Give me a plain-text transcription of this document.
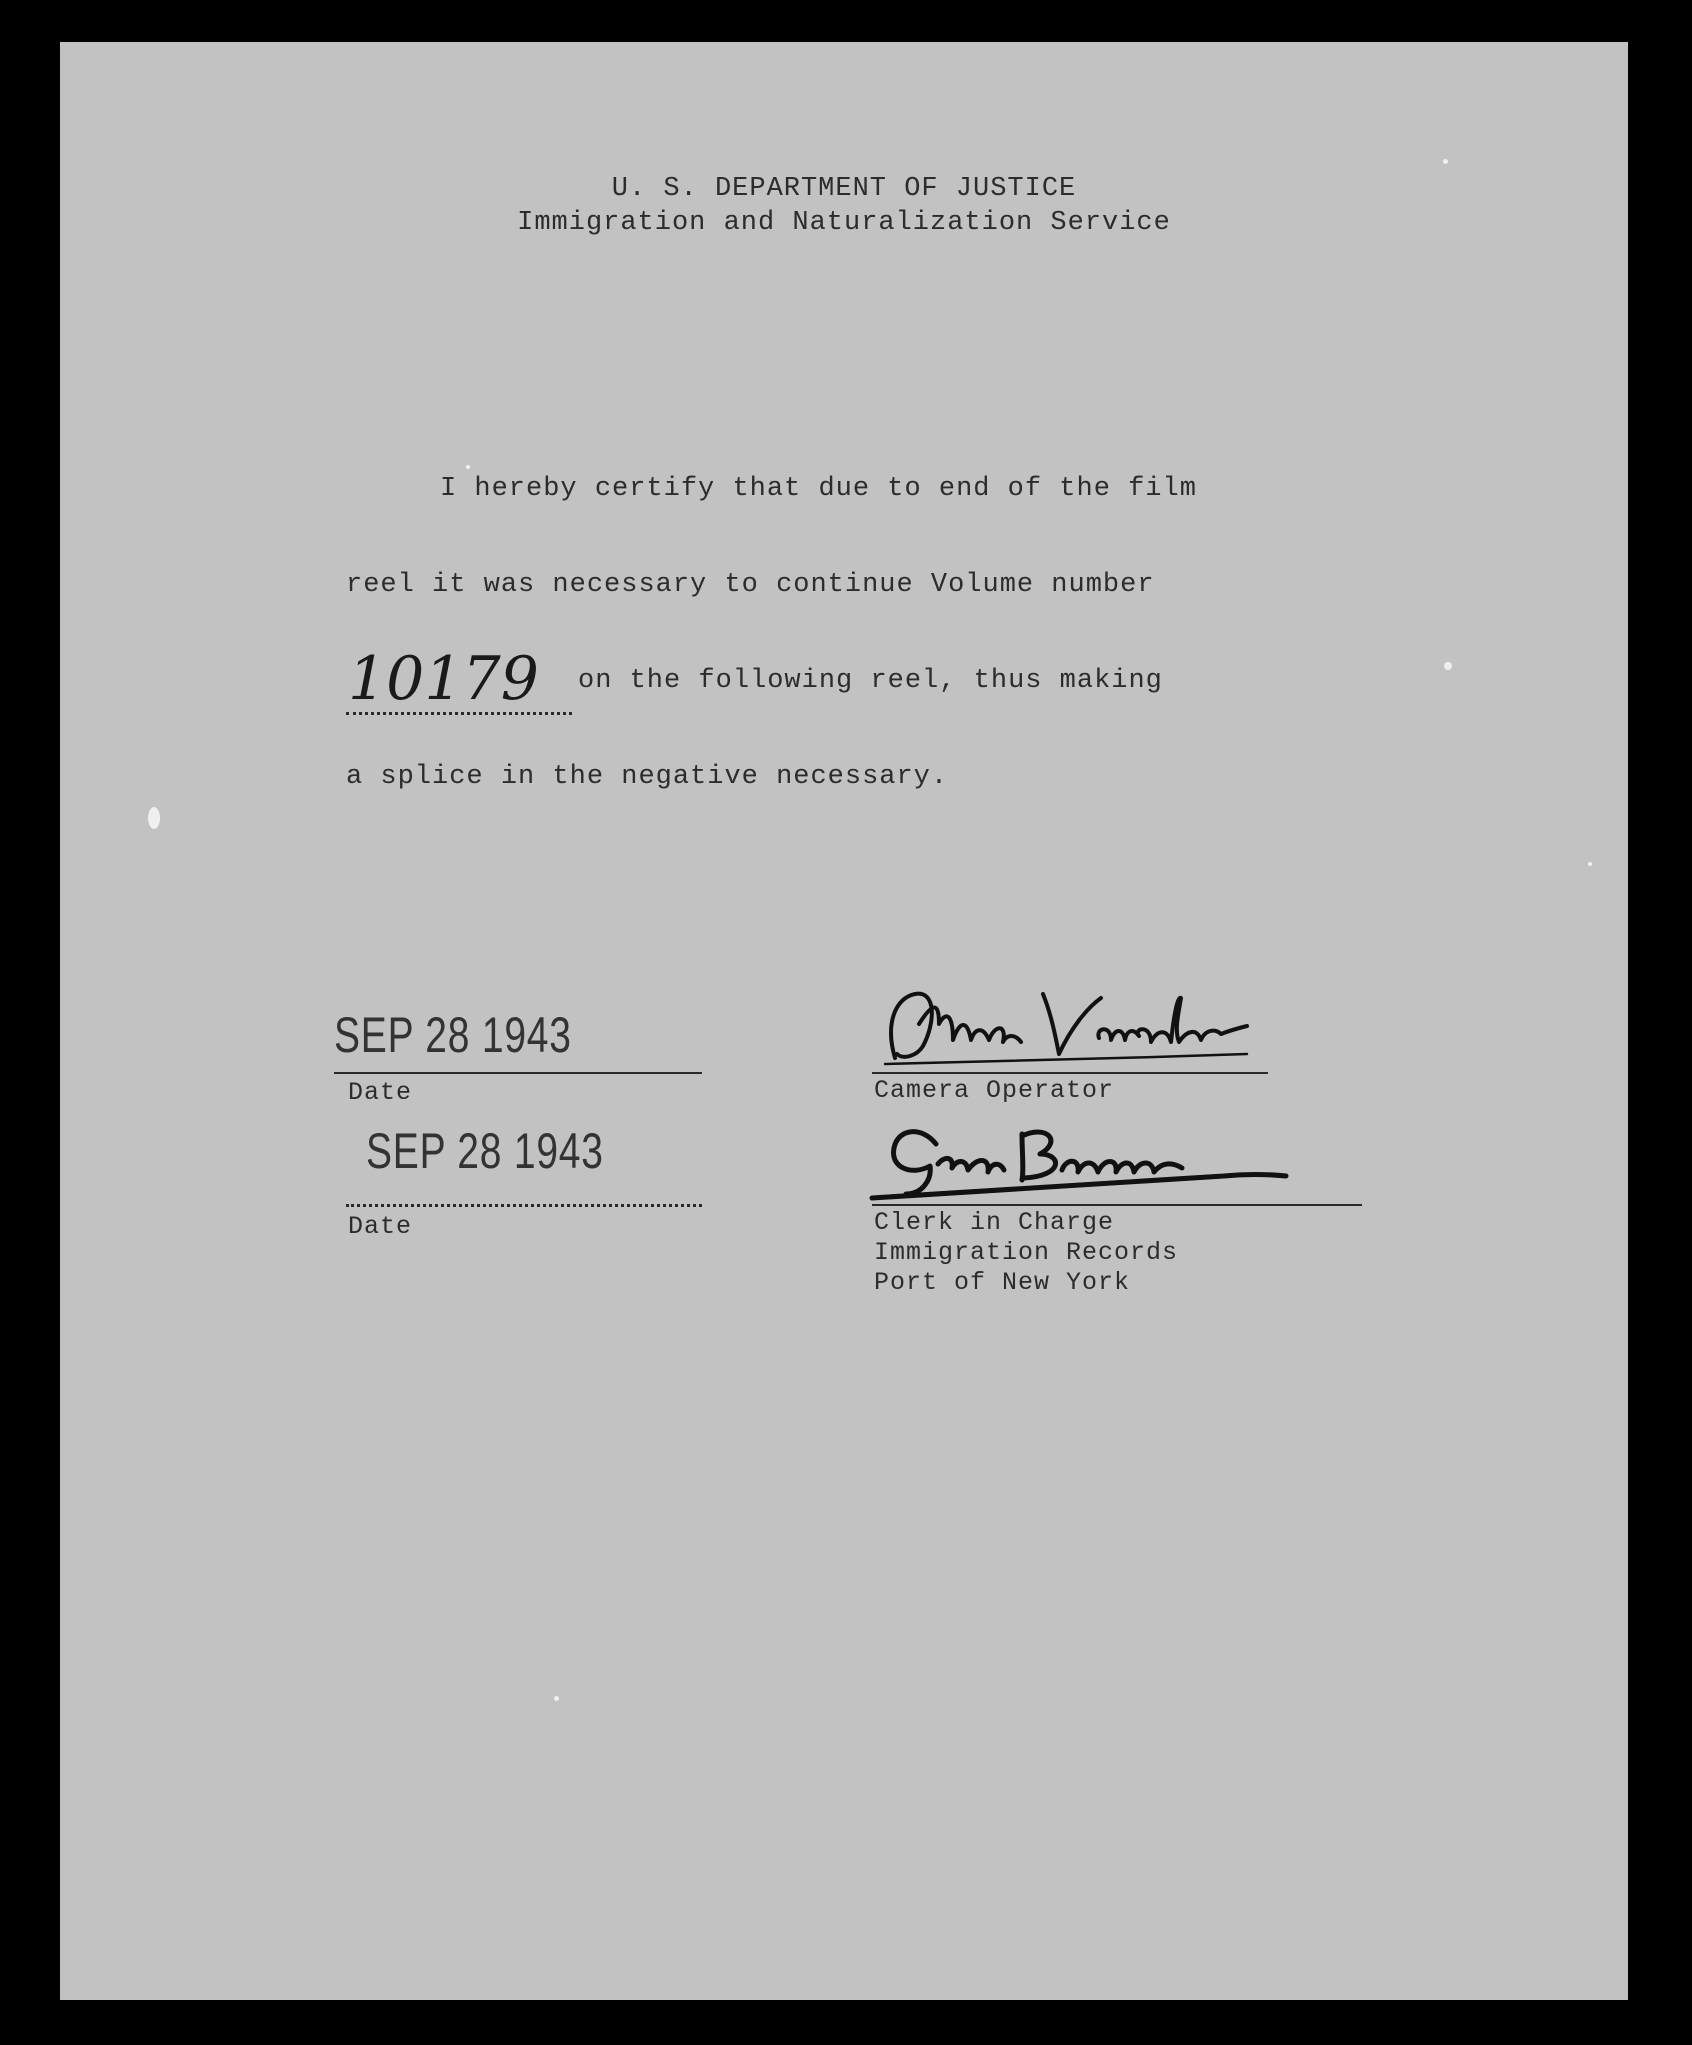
U. S. DEPARTMENT OF JUSTICE
Immigration and Naturalization Service
I hereby certify that due to end of the film
reel it was necessary to continue Volume number
10179 on the following reel, thus making
a splice in the negative necessary.
SEP 28 1943
Date
Anna Varada
Camera Operator
SEP 28 1943
Date
Geo. Baceaer
Clerk in Charge
Immigration Records
Port of New York
